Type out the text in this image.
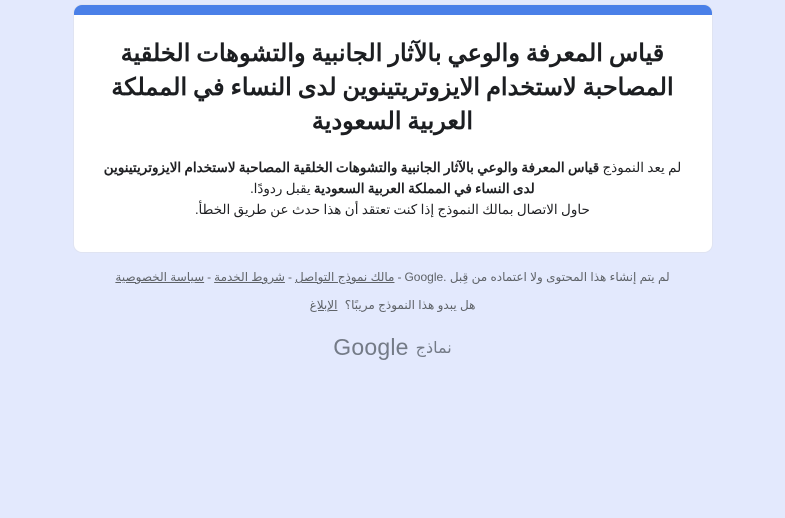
قياس المعرفة والوعي بالآثار الجانبية والتشوهات الخلقية المصاحبة لاستخدام الايزوتريتينوين لدى النساء في المملكة العربية السعودية
لم يعد النموذج قياس المعرفة والوعي بالآثار الجانبية والتشوهات الخلقية المصاحبة لاستخدام الايزوتريتينوين لدى النساء في المملكة العربية السعودية يقبل ردودًا.
حاول الاتصال بمالك النموذج إذا كنت تعتقد أن هذا حدث عن طريق الخطأ.
لم يتم إنشاء هذا المحتوى ولا اعتماده من قِبل Google.‎-مالك نموذج التواصل-شروط الخدمة-سياسة الخصوصية
هل يبدو هذا النموذج مريبًا؟ الإبلاغ
نماذجGoogle
